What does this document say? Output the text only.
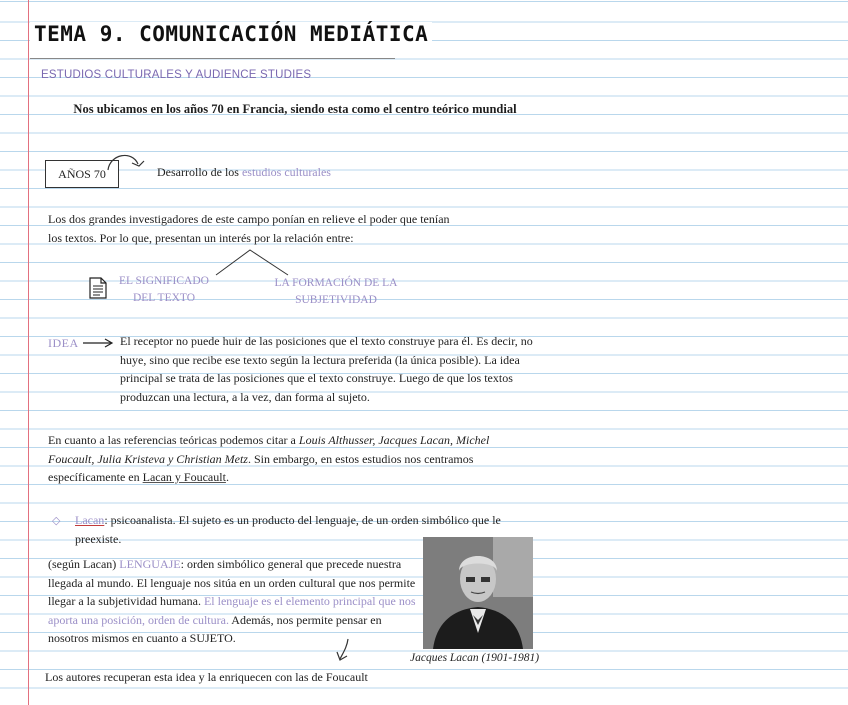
TEMA 9. COMUNICACIÓN MEDIÁTICA
ESTUDIOS CULTURALES Y AUDIENCE STUDIES
Nos ubicamos en los años 70 en Francia, siendo esta como el centro teórico mundial
AÑOS 70	Desarrollo de los estudios culturales
Los dos grandes investigadores de este campo ponían en relieve el poder que tenían los textos. Por lo que, presentan un interés por la relación entre:
EL SIGNIFICADO DEL TEXTO
LA FORMACIÓN DE LA SUBJETIVIDAD
IDEA	El receptor no puede huir de las posiciones que el texto construye para él. Es decir, no huye, sino que recibe ese texto según la lectura preferida (la única posible). La idea principal se trata de las posiciones que el texto construye. Luego de que los textos produzcan una lectura, a la vez, dan forma al sujeto.
En cuanto a las referencias teóricas podemos citar a Louis Althusser, Jacques Lacan, Michel Foucault, Julia Kristeva y Christian Metz. Sin embargo, en estos estudios nos centramos específicamente en Lacan y Foucault.
◇ Lacan: psicoanalista. El sujeto es un producto del lenguaje, de un orden simbólico que le preexiste.
(según Lacan) LENGUAJE: orden simbólico general que precede nuestra llegada al mundo. El lenguaje nos sitúa en un orden cultural que nos permite llegar a la subjetividad humana. El lenguaje es el elemento principal que nos aporta una posición, orden de cultura. Además, nos permite pensar en nosotros mismos en cuanto a SUJETO.
Jacques Lacan (1901-1981)
Los autores recuperan esta idea y la enriquecen con las de Foucault
